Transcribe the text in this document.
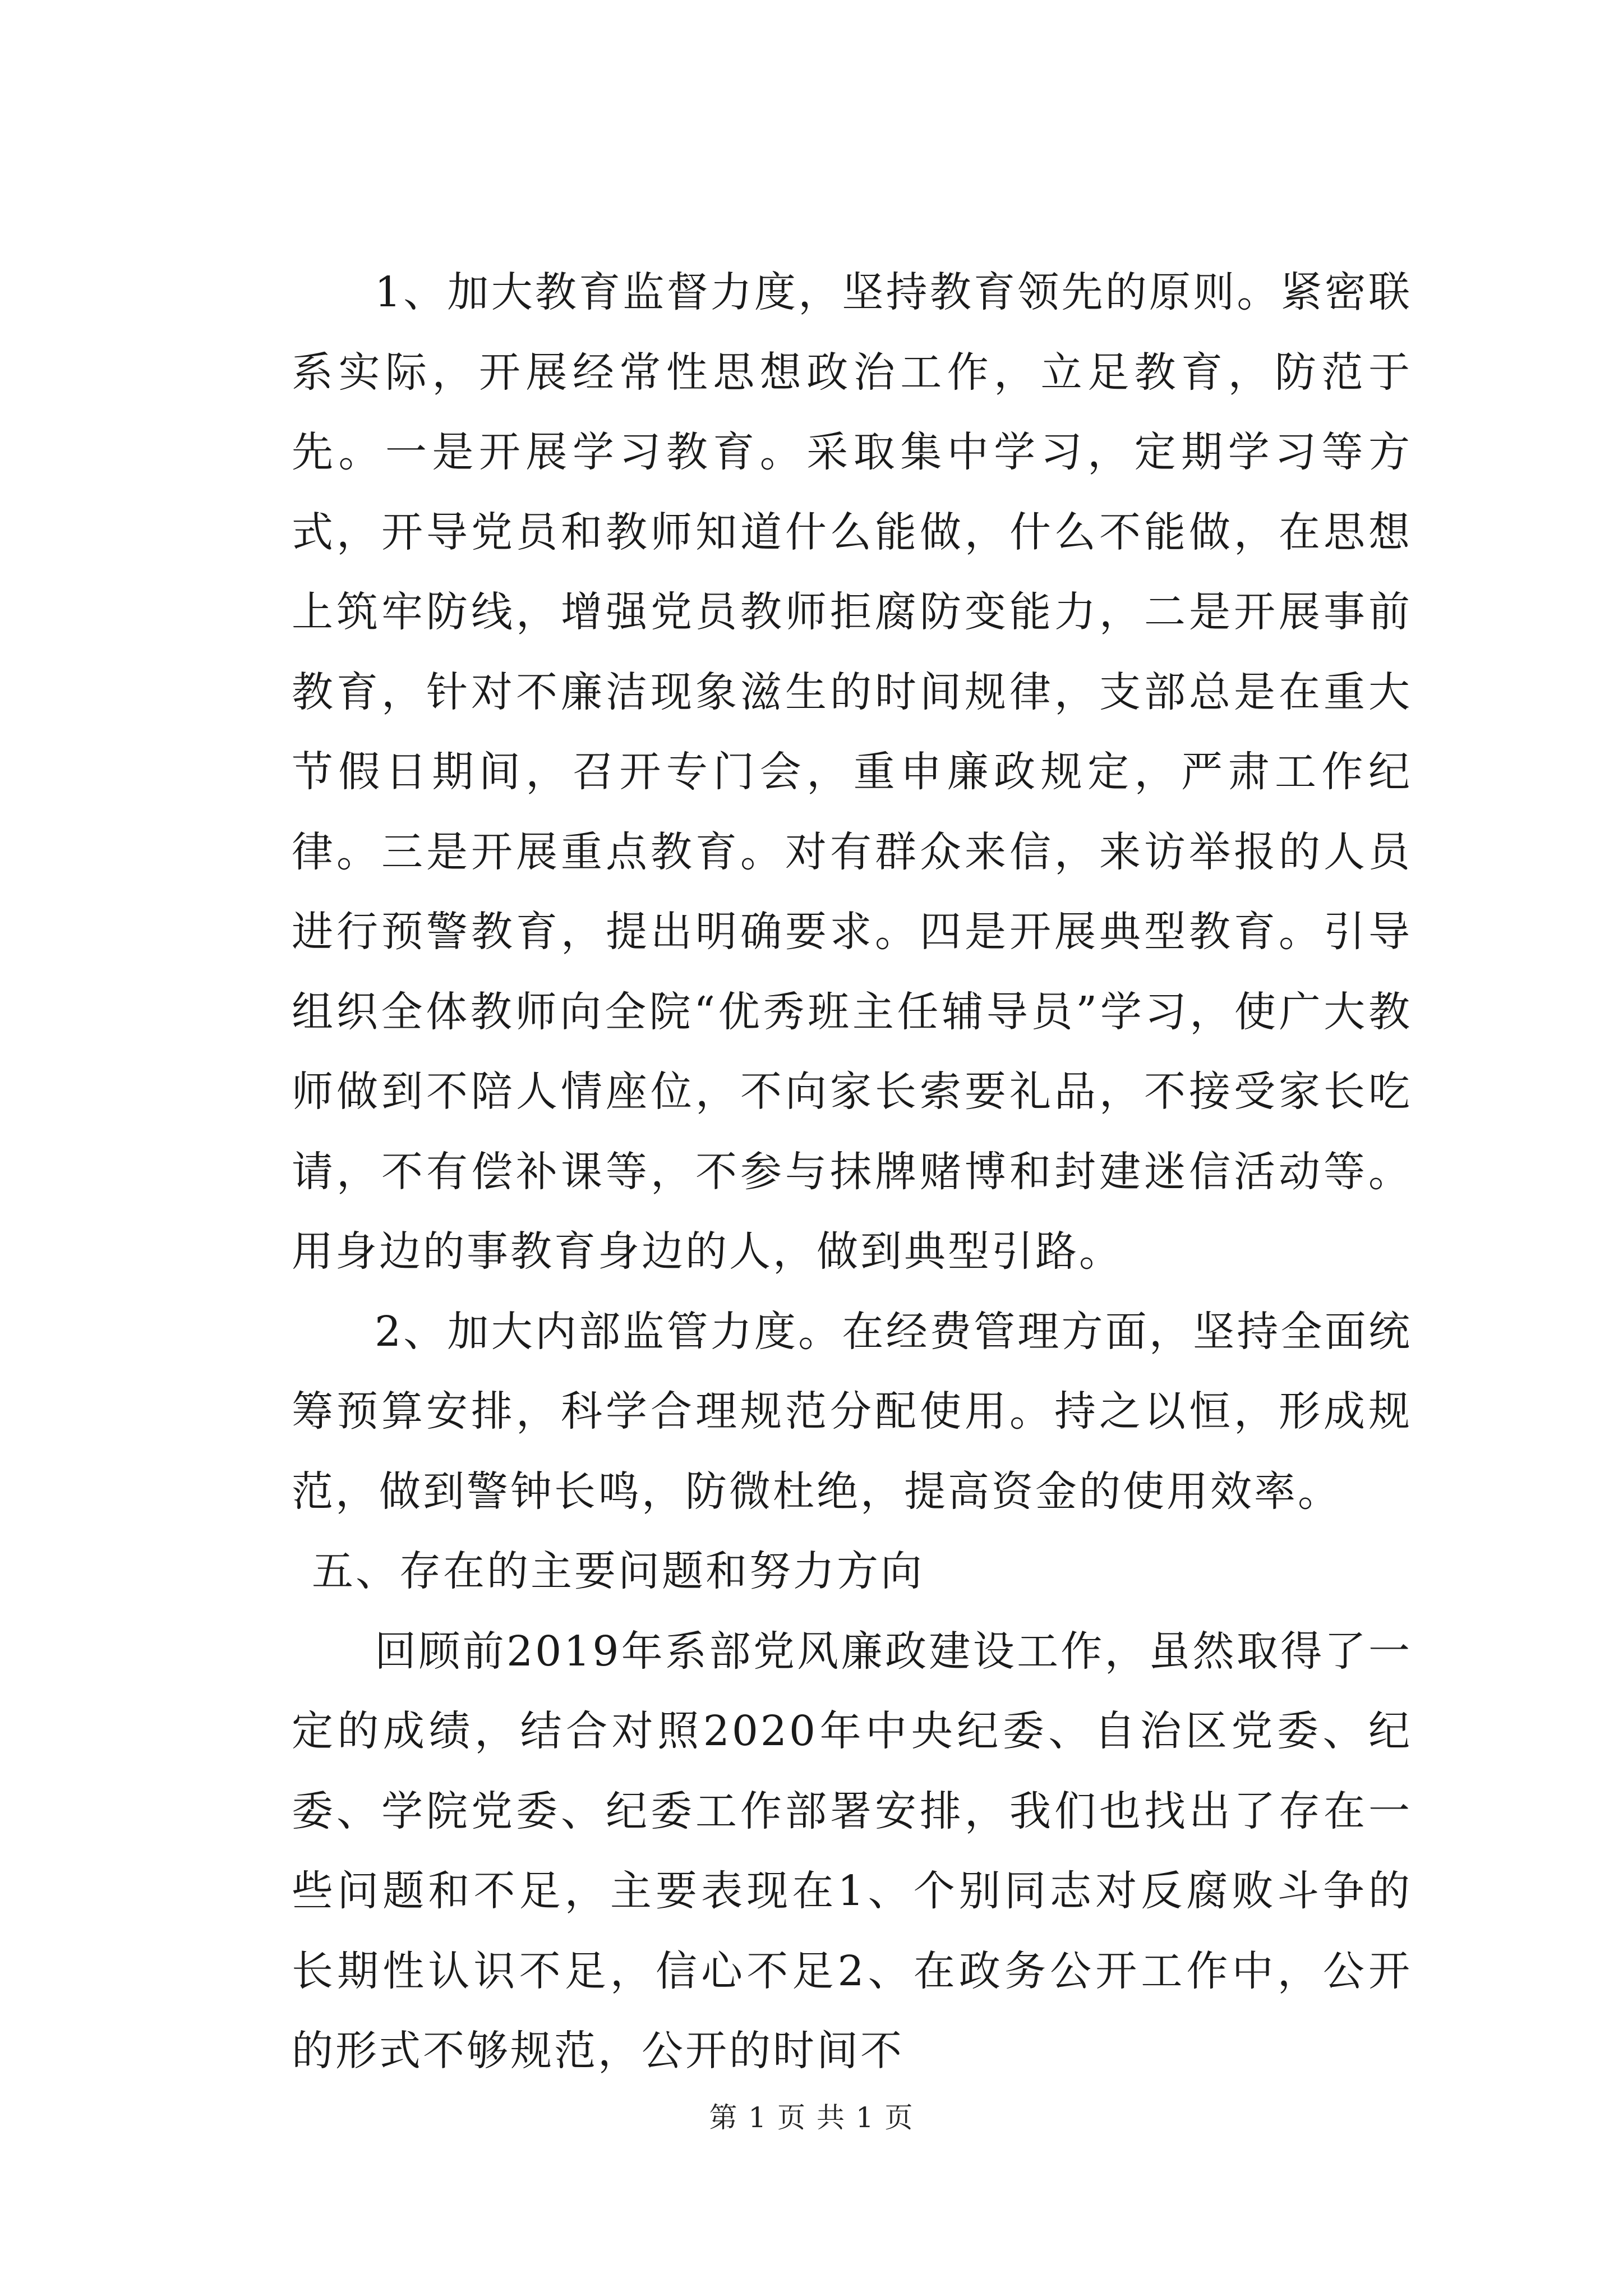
1、加大教育监督力度，坚持教育领先的原则。紧密联系实际，开展经常性思想政治工作，立足教育，防范于先。一是开展学习教育。采取集中学习，定期学习等方式，开导党员和教师知道什么能做，什么不能做，在思想上筑牢防线，增强党员教师拒腐防变能力，二是开展事前教育，针对不廉洁现象滋生的时间规律，支部总是在重大节假日期间，召开专门会，重申廉政规定，严肃工作纪律。三是开展重点教育。对有群众来信，来访举报的人员进行预警教育，提出明确要求。四是开展典型教育。引导组织全体教师向全院“优秀班主任辅导员”学习，使广大教师做到不陪人情座位，不向家长索要礼品，不接受家长吃请，不有偿补课等，不参与抹牌赌博和封建迷信活动等。用身边的事教育身边的人，做到典型引路。

2、加大内部监管力度。在经费管理方面，坚持全面统筹预算安排，科学合理规范分配使用。持之以恒，形成规范，做到警钟长鸣，防微杜绝，提高资金的使用效率。

五、存在的主要问题和努力方向

回顾前2019年系部党风廉政建设工作，虽然取得了一定的成绩，结合对照2020年中央纪委、自治区党委、纪委、学院党委、纪委工作部署安排，我们也找出了存在一些问题和不足，主要表现在1、个别同志对反腐败斗争的长期性认识不足，信心不足2、在政务公开工作中，公开的形式不够规范，公开的时间不

第 1 页 共 1 页
